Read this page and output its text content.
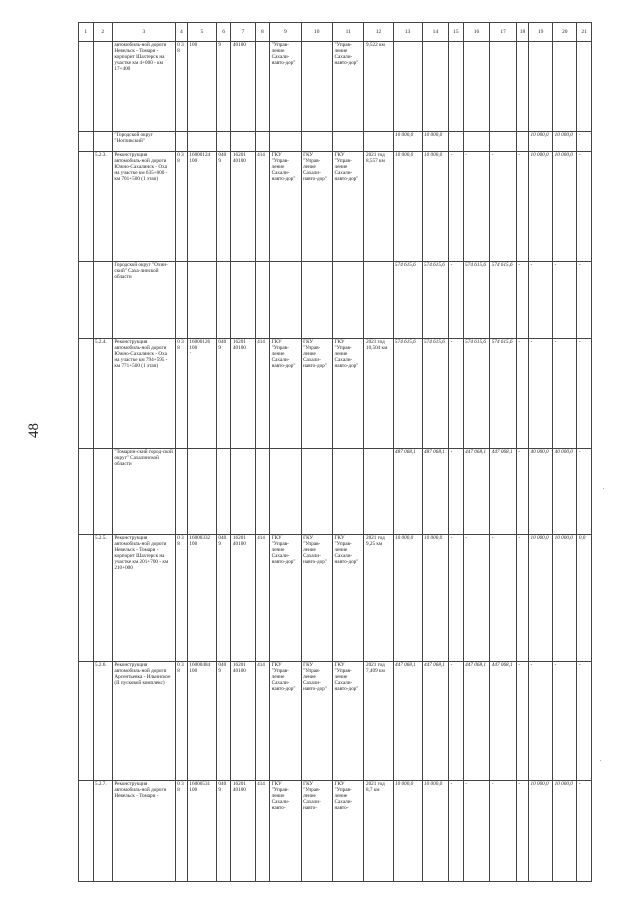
48
1	2	3	4	5	6	7	8	9	10	11	12	13	14	15	16	17	18	19	20	21
		автомобиль-ной дороги Невельск - Томари - корпорит Шахтерск на участке км 4+000 - км 17+400	0 3 8	100	9	40100		"Управ-ление Сахали-навто-дор"		"Управ-ление Сахали-навто-дор"	9,522 км									
		"Городской округ "Ногликский"										10 000,0	10 000,0					10 000,0	10 000,0	-
	5.2.3.	Реконструкция автомобиль-ной дороги Южно-Сахалинск - Оха на участке км 635+000 - км 701+500 (1 этап)	0 3 8	16000124 100	040 9	16201 40100	414	ГКУ "Управ-ление Сахали-навто-дор"	ГКУ "Управ-ление Сахали-навто-дор"	ГКУ "Управ-ление Сахали-навто-дор"	2021 год 8,557 км	10 000,0	10 000,0	-	-	-	-	10 000,0	10 000,0	-
		Городской округ "Охин-ский" Саха-линской области										574 615,6	574 615,6	-	574 615,6	574 615,6	-	-	-	-
	5.2.4.	Реконструкция автомобиль-ной дороги Южно-Сахалинск - Оха на участке км 794+595 - км 771+500 (1 этап)	0 3 8	16000126 100	040 9	16201 40100	414	ГКУ "Управ-ление Сахали-навто-дор"	ГКУ "Управ-ление Сахали-навто-дор"	ГКУ "Управ-ление Сахали-навто-дор"	2021 год 10,504 км	574 615,6	574 615,6	-	574 615,6	574 615,6	-	-	-	-
		"Томарин-ский город-ской округ" Сахалинской области										487 068,1	487 068,1	-	447 068,1	447 068,1	-	40 000,0	40 000,0	-
	5.2.5.	Реконструкция автомобиль-ной дороги Невельск - Томари - корпорит Шахтерск на участке км 201+700 - км 210+000	0 3 8	16000332 100	040 9	16201 40100	414	ГКУ "Управ-ление Сахали-навто-дор"	ГКУ "Управ-ление Сахали-навто-дор"	ГКУ "Управ-ление Сахали-навто-дор"	2021 год 9,25 км	10 000,0	10 000,0	-	-	-	-	10 000,0	10 000,0	0,0
	5.2.6.	Реконструкция автомобиль-ной дороги Арсентьевка - Ильинское (II пусковой комплекс)	0 3 8	16000484 100	040 9	16201 40100	414	ГКУ "Управ-ление Сахали-навто-дор"	ГКУ "Управ-ление Сахали-навто-дор"	ГКУ "Управ-ление Сахали-навто-дор"	2021 год 7,409 км	447 068,1	447 068,1	-	447 068,1	447 068,1	-	-	-	-
	5.2.7.	Реконструкция автомобиль-ной дороги Невельск - Томари -	0 3 8	16000531 100	040 9	16201 40100	414	ГКУ "Управ-ление Сахали-навто-	ГКУ "Управ-ление Сахали-навто-	ГКУ "Управ-ление Сахали-навто-	2021 год 8,7 км	10 000,0	10 000,0	-	-	-	-	10 000,0	10 000,0	-
